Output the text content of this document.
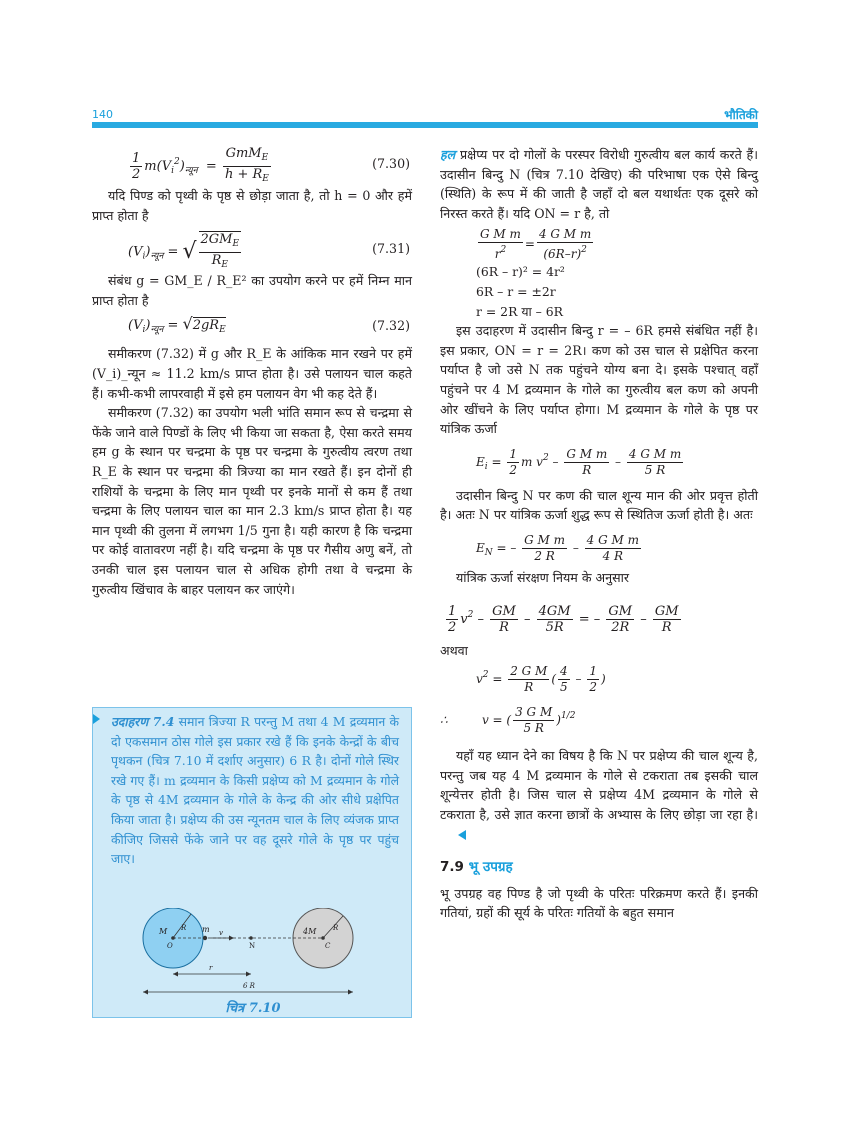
140	भौतिकी
$\frac{1}{2} m(V_i^2)_{न्यून} = \frac{GmM_E}{h + R_E}$	(7.30)

यदि पिण्ड को पृथ्वी के पृष्ठ से छोड़ा जाता है, तो h = 0 और हमें प्राप्त होता है

$(V_i)_{न्यून}$ = √ $\frac{2GM_E}{R_E}$	(7.31)

संबंध g = GM_E / R_E² का उपयोग करने पर हमें निम्न मान प्राप्त होता है

$(V_i)_{न्यून} = √2gR_E$	(7.32)

समीकरण (7.32) में g और R_E के आंकिक मान रखने पर हमें (V_i)_न्यून ≈ 11.2 km/s प्राप्त होता है। उसे पलायन चाल कहते हैं। कभी-कभी लापरवाही में इसे हम पलायन वेग भी कह देते हैं।

समीकरण (7.32) का उपयोग भली भांति समान रूप से चन्द्रमा से फेंके जाने वाले पिण्डों के लिए भी किया जा सकता है, ऐसा करते समय हम g के स्थान पर चन्द्रमा के पृष्ठ पर चन्द्रमा के गुरुत्वीय त्वरण तथा R_E के स्थान पर चन्द्रमा की त्रिज्या का मान रखते हैं। इन दोनों ही राशियों के चन्द्रमा के लिए मान पृथ्वी पर इनके मानों से कम हैं तथा चन्द्रमा के लिए पलायन चाल का मान 2.3 km/s प्राप्त होता है। यह मान पृथ्वी की तुलना में लगभग 1/5 गुना है। यही कारण है कि चन्द्रमा पर कोई वातावरण नहीं है। यदि चन्द्रमा के पृष्ठ पर गैसीय अणु बनें, तो उनकी चाल इस पलायन चाल से अधिक होगी तथा वे चन्द्रमा के गुरुत्वीय खिंचाव के बाहर पलायन कर जाएंगे।

उदाहरण 7.4 समान त्रिज्या R परन्तु M तथा 4 M द्रव्यमान के दो एकसमान ठोस गोले इस प्रकार रखे हैं कि इनके केन्द्रों के बीच पृथकन (चित्र 7.10 में दर्शाए अनुसार) 6 R है। दोनों गोले स्थिर रखे गए हैं। m द्रव्यमान के किसी प्रक्षेप्य को M द्रव्यमान के गोले के पृष्ठ से 4M द्रव्यमान के गोले के केन्द्र की ओर सीधे प्रक्षेपित किया जाता है। प्रक्षेप्य की उस न्यूनतम चाल के लिए व्यंजक प्राप्त कीजिए जिससे फेंके जाने पर वह दूसरे गोले के पृष्ठ पर पहुंच जाए।
M R
O
m v
N
4M R
C
r
6 R
चित्र 7.10

हल प्रक्षेप्य पर दो गोलों के परस्पर विरोधी गुरुत्वीय बल कार्य करते हैं। उदासीन बिन्दु N (चित्र 7.10 देखिए) की परिभाषा एक ऐसे बिन्दु (स्थिति) के रूप में की जाती है जहाँ दो बल यथार्थतः एक दूसरे को निरस्त करते हैं। यदि ON = r है, तो

$\frac{\text{G M m}}{r^2} = \frac{\text{4 G M m}}{(6R-r)^2}$
(6R – r)² = 4r²
6R – r = ±2r
r = 2R या – 6R

इस उदाहरण में उदासीन बिन्दु r = – 6R हमसे संबंधित नहीं है। इस प्रकार, ON = r = 2R। कण को उस चाल से प्रक्षेपित करना पर्याप्त है जो उसे N तक पहुंचने योग्य बना दे। इसके पश्चात् वहाँ पहुंचने पर 4 M द्रव्यमान के गोले का गुरुत्वीय बल कण को अपनी ओर खींचने के लिए पर्याप्त होगा। M द्रव्यमान के गोले के पृष्ठ पर यांत्रिक ऊर्जा

$E_i = \frac{1}{2}$ m $v^2 - \frac{\text{G M m}}{R} - \frac{\text{4 G M m}}{5 R}$

उदासीन बिन्दु N पर कण की चाल शून्य मान की ओर प्रवृत्त होती है। अतः N पर यांत्रिक ऊर्जा शुद्ध रूप से स्थितिज ऊर्जा होती है। अतः

$E_N$ = – $\frac{\text{G M m}}{2 R} - \frac{\text{4 G M m}}{4 R}$

यांत्रिक ऊर्जा संरक्षण नियम के अनुसार

$\frac{1}{2} v^2 - \frac{GM}{R} - \frac{4GM}{5R}$ = – $\frac{GM}{2R} - \frac{GM}{R}$
अथवा
$v^2 = \frac{\text{2 G M}}{R}$ ( $\frac{4}{5} - \frac{1}{2}$ )
∴         v = ( $\frac{\text{3 G M}}{5 R} )^{1/2}$

यहाँ यह ध्यान देने का विषय है कि N पर प्रक्षेप्य की चाल शून्य है, परन्तु जब यह 4 M द्रव्यमान के गोले से टकराता तब इसकी चाल शून्येत्तर होती है। जिस चाल से प्रक्षेप्य 4M द्रव्यमान के गोले से टकराता है, उसे ज्ञात करना छात्रों के अभ्यास के लिए छोड़ा जा रहा है।

7.9 भू उपग्रह

भू उपग्रह वह पिण्ड है जो पृथ्वी के परितः परिक्रमण करते हैं। इनकी गतियां, ग्रहों की सूर्य के परितः गतियों के बहुत समान
